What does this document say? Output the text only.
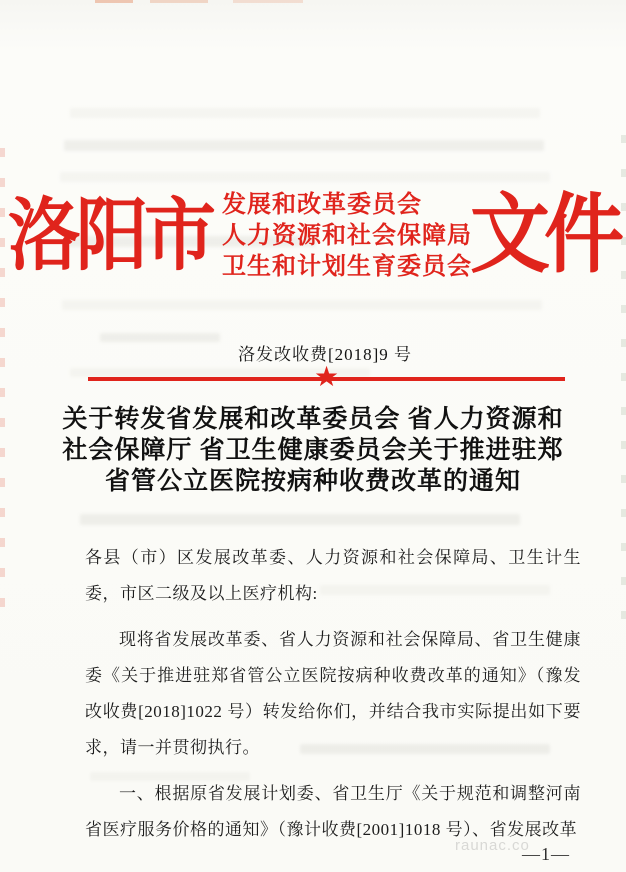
洛阳市 发展和改革委员会
人力资源和社会保障局
卫生和计划生育委员会
文件
洛发改收费[2018]9 号
★
关于转发省发展和改革委员会 省人力资源和
社会保障厅 省卫生健康委员会关于推进驻郑
省管公立医院按病种收费改革的通知

各县（市）区发展改革委、人力资源和社会保障局、卫生计生委，市区二级及以上医疗机构:

现将省发展改革委、省人力资源和社会保障局、省卫生健康委《关于推进驻郑省管公立医院按病种收费改革的通知》（豫发改收费[2018]1022 号）转发给你们，并结合我市实际提出如下要求，请一并贯彻执行。

一、根据原省发展计划委、省卫生厅《关于规范和调整河南省医疗服务价格的通知》（豫计收费[2001]1018 号）、省发展改革

raunac.co
—1—
